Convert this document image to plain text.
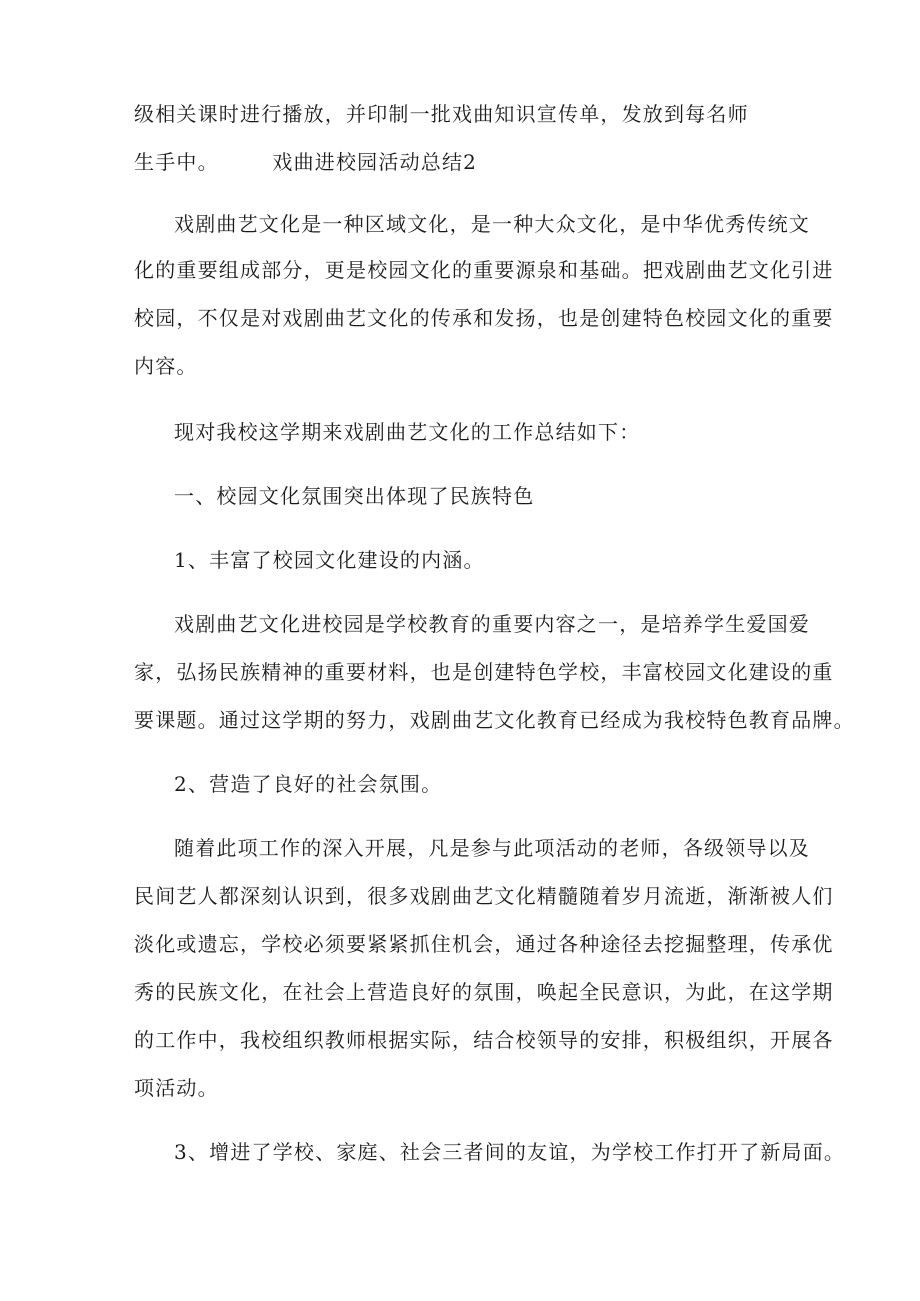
级相关课时进行播放，并印制一批戏曲知识宣传单，发放到每名师
生手中。	戏曲进校园活动总结2
戏剧曲艺文化是一种区域文化，是一种大众文化，是中华优秀传统文
化的重要组成部分，更是校园文化的重要源泉和基础。把戏剧曲艺文化引进
校园，不仅是对戏剧曲艺文化的传承和发扬，也是创建特色校园文化的重要
内容。
现对我校这学期来戏剧曲艺文化的工作总结如下：
一、校园文化氛围突出体现了民族特色
1、丰富了校园文化建设的内涵。
戏剧曲艺文化进校园是学校教育的重要内容之一，是培养学生爱国爱
家，弘扬民族精神的重要材料，也是创建特色学校，丰富校园文化建设的重
要课题。通过这学期的努力，戏剧曲艺文化教育已经成为我校特色教育品牌。
2、营造了良好的社会氛围。
随着此项工作的深入开展，凡是参与此项活动的老师，各级领导以及
民间艺人都深刻认识到，很多戏剧曲艺文化精髓随着岁月流逝，渐渐被人们
淡化或遗忘，学校必须要紧紧抓住机会，通过各种途径去挖掘整理，传承优
秀的民族文化，在社会上营造良好的氛围，唤起全民意识，为此，在这学期
的工作中，我校组织教师根据实际，结合校领导的安排，积极组织，开展各
项活动。
3、增进了学校、家庭、社会三者间的友谊，为学校工作打开了新局面。
